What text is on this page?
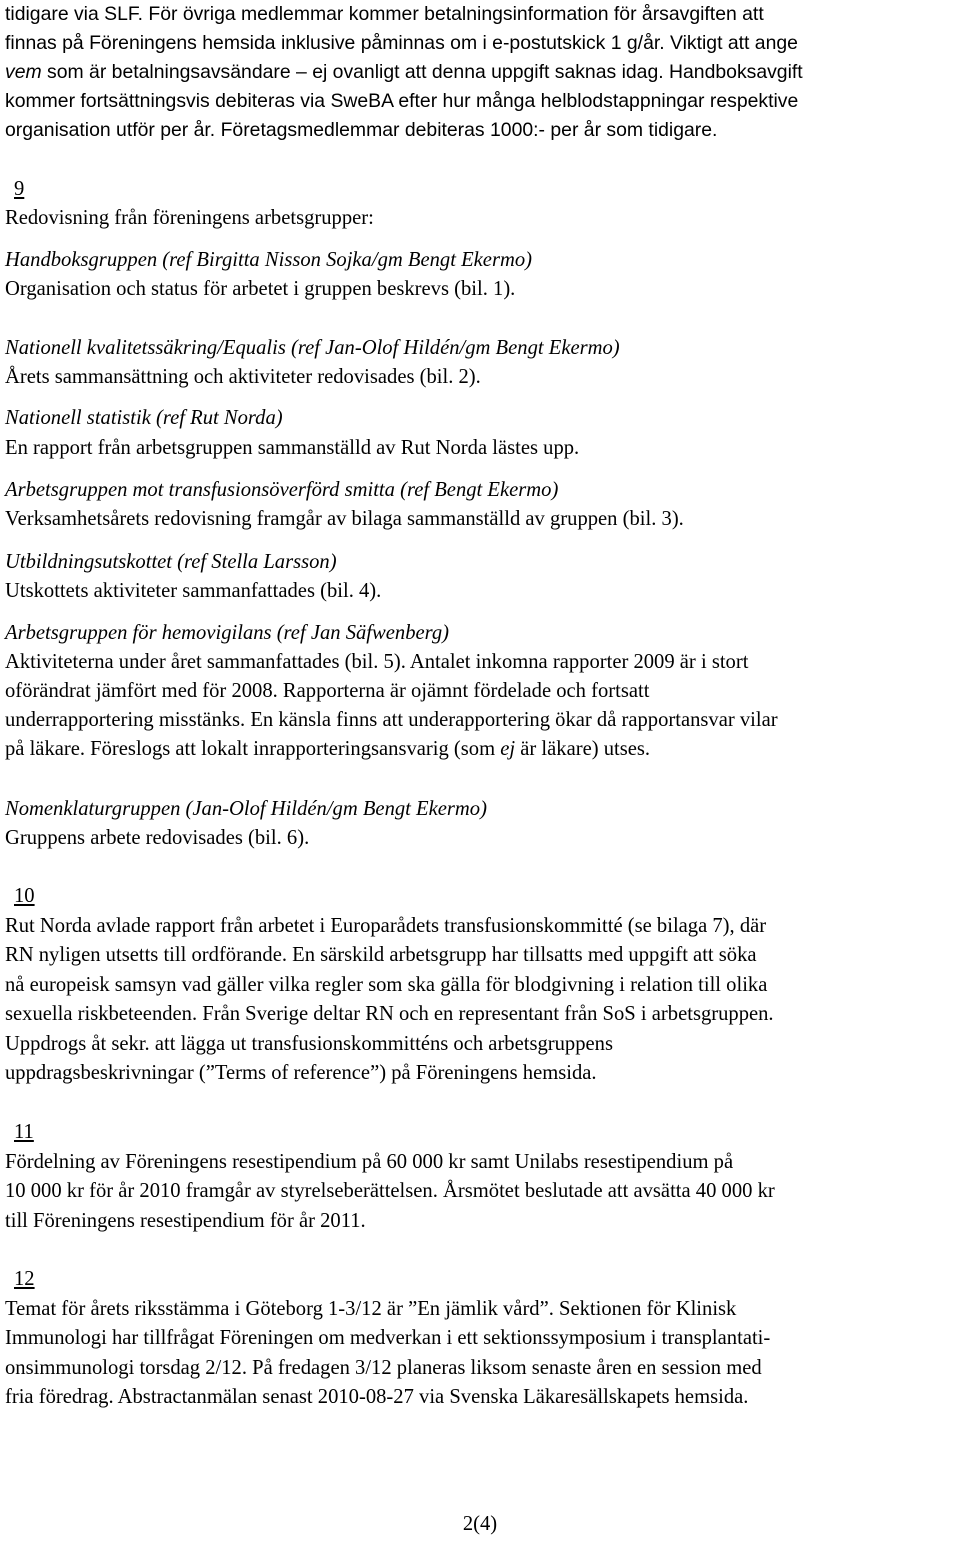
tidigare via SLF. För övriga medlemmar kommer betalningsinformation för årsavgiften att
finnas på Föreningens hemsida inklusive påminnas om i e-postutskick 1 g/år. Viktigt att ange
vem som är betalningsavsändare – ej ovanligt att denna uppgift saknas idag. Handboksavgift
kommer fortsättningsvis debiteras via SweBA efter hur många helblodstappningar respektive
organisation utför per år. Företagsmedlemmar debiteras 1000:- per år som tidigare.
9
Redovisning från föreningens arbetsgrupper:
Handboksgruppen (ref Birgitta Nisson Sojka/gm Bengt Ekermo)
Organisation och status för arbetet i gruppen beskrevs (bil. 1).
Nationell kvalitetssäkring/Equalis (ref Jan-Olof Hildén/gm Bengt Ekermo)
Årets sammansättning och aktiviteter redovisades (bil. 2).
Nationell statistik (ref Rut Norda)
En rapport från arbetsgruppen sammanställd av Rut Norda lästes upp.
Arbetsgruppen mot transfusionsöverförd smitta (ref Bengt Ekermo)
Verksamhetsårets redovisning framgår av bilaga sammanställd av gruppen (bil. 3).
Utbildningsutskottet (ref Stella Larsson)
Utskottets aktiviteter sammanfattades (bil. 4).
Arbetsgruppen för hemovigilans (ref Jan Säfwenberg)
Aktiviteterna under året sammanfattades (bil. 5). Antalet inkomna rapporter 2009 är i stort
oförändrat jämfört med för 2008. Rapporterna är ojämnt fördelade och fortsatt
underrapportering misstänks. En känsla finns att underapportering ökar då rapportansvar vilar
på läkare. Föreslogs att lokalt inrapporteringsansvarig (som ej är läkare) utses.
Nomenklaturgruppen (Jan-Olof Hildén/gm Bengt Ekermo)
Gruppens arbete redovisades (bil. 6).
10
Rut Norda avlade rapport från arbetet i Europarådets transfusionskommitté (se bilaga 7), där
RN nyligen utsetts till ordförande. En särskild arbetsgrupp har tillsatts med uppgift att söka
nå europeisk samsyn vad gäller vilka regler som ska gälla för blodgivning i relation till olika
sexuella riskbeteenden. Från Sverige deltar RN och en representant från SoS i arbetsgruppen.
Uppdrogs åt sekr. att lägga ut transfusionskommitténs och arbetsgruppens
uppdragsbeskrivningar (”Terms of reference”) på Föreningens hemsida.
11
Fördelning av Föreningens resestipendium på 60 000 kr samt Unilabs resestipendium på
10 000 kr för år 2010 framgår av styrelseberättelsen. Årsmötet beslutade att avsätta 40 000 kr
till Föreningens resestipendium för år 2011.
12
Temat för årets riksstämma i Göteborg 1-3/12 är ”En jämlik vård”. Sektionen för Klinisk
Immunologi har tillfrågat Föreningen om medverkan i ett sektionssymposium i transplantati-
onsimmunologi torsdag 2/12. På fredagen 3/12 planeras liksom senaste åren en session med
fria föredrag. Abstractanmälan senast 2010-08-27 via Svenska Läkaresällskapets hemsida.
2(4)
